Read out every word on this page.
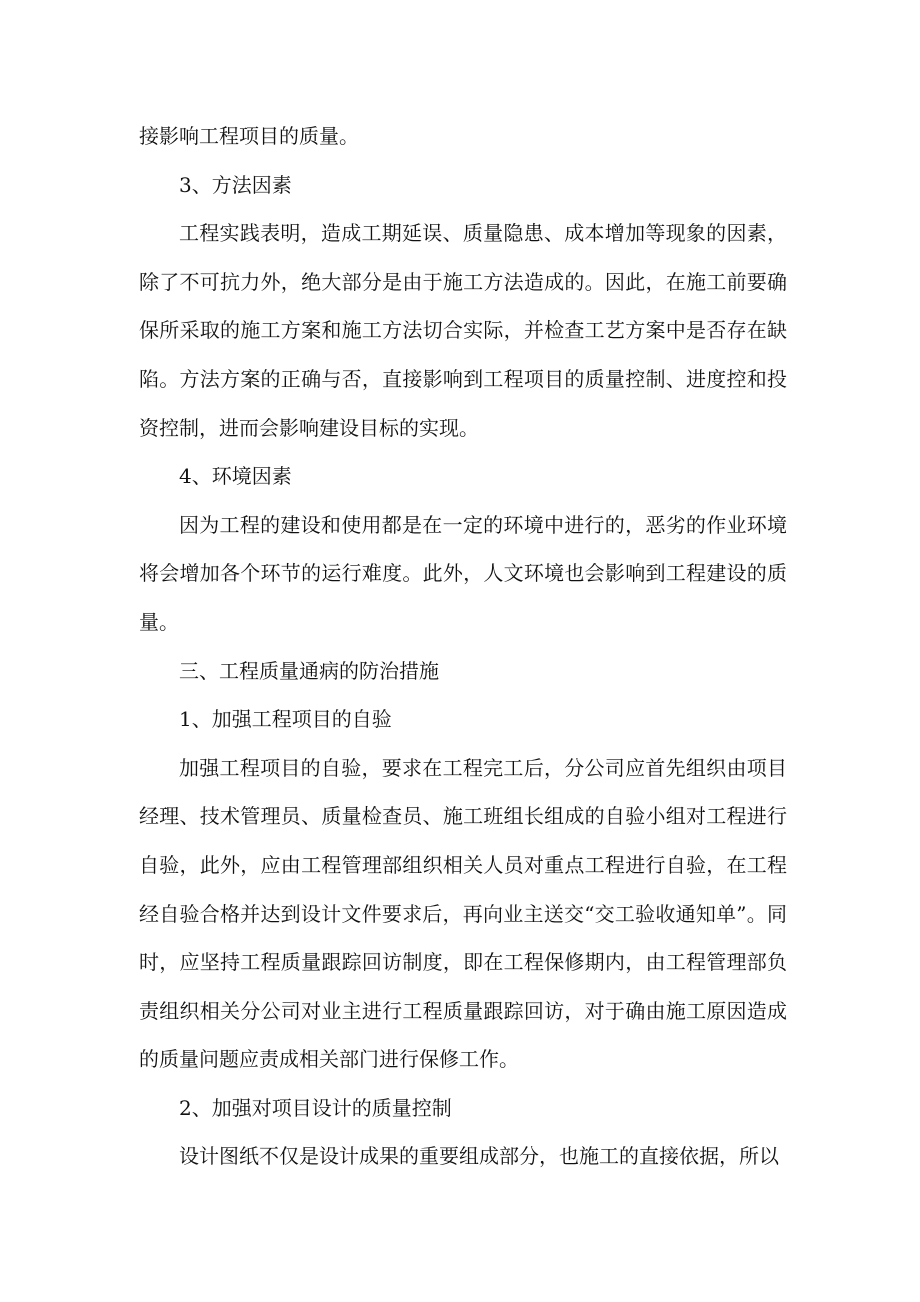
接影响工程项目的质量。

3、方法因素

工程实践表明，造成工期延误、质量隐患、成本增加等现象的因素，除了不可抗力外，绝大部分是由于施工方法造成的。因此，在施工前要确保所采取的施工方案和施工方法切合实际，并检查工艺方案中是否存在缺陷。方法方案的正确与否，直接影响到工程项目的质量控制、进度控和投资控制，进而会影响建设目标的实现。

4、环境因素

因为工程的建设和使用都是在一定的环境中进行的，恶劣的作业环境将会增加各个环节的运行难度。此外，人文环境也会影响到工程建设的质量。

三、工程质量通病的防治措施

1、加强工程项目的自验

加强工程项目的自验，要求在工程完工后，分公司应首先组织由项目经理、技术管理员、质量检查员、施工班组长组成的自验小组对工程进行自验，此外，应由工程管理部组织相关人员对重点工程进行自验，在工程经自验合格并达到设计文件要求后，再向业主送交“交工验收通知单”。同时，应坚持工程质量跟踪回访制度，即在工程保修期内，由工程管理部负责组织相关分公司对业主进行工程质量跟踪回访，对于确由施工原因造成的质量问题应责成相关部门进行保修工作。

2、加强对项目设计的质量控制

设计图纸不仅是设计成果的重要组成部分，也施工的直接依据，所以
